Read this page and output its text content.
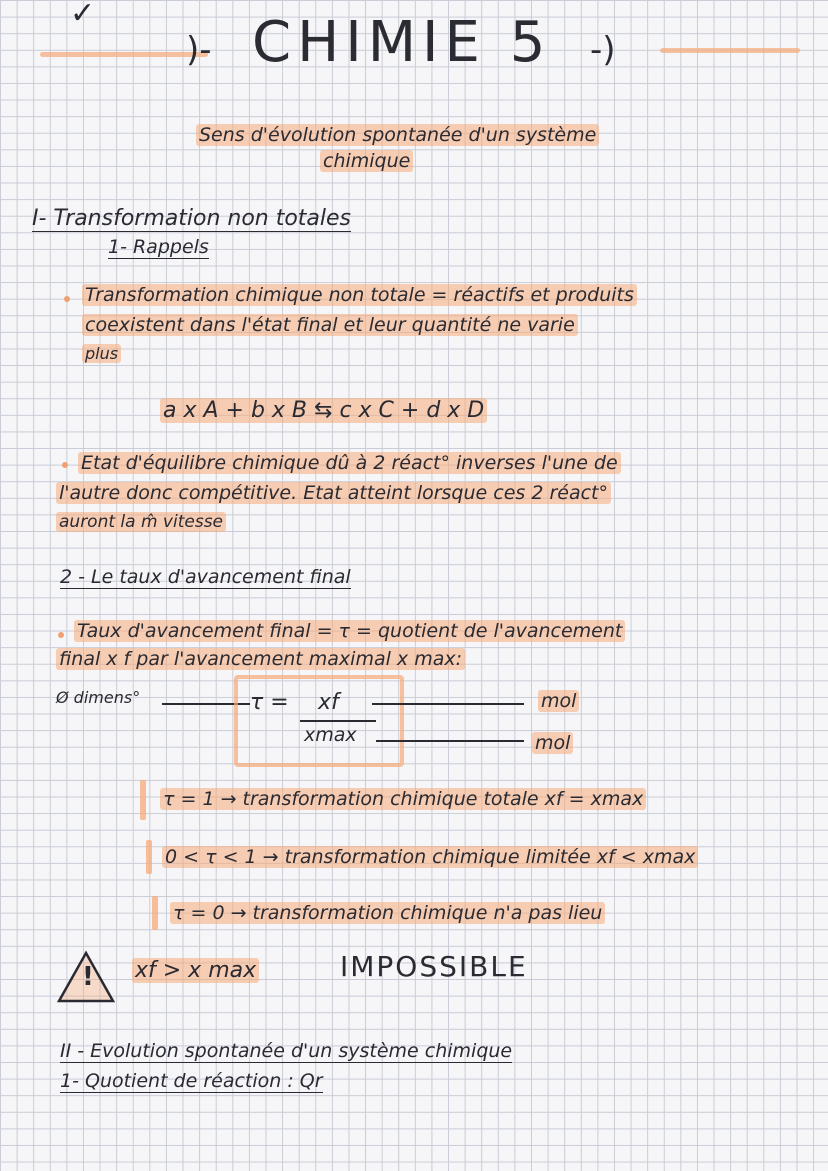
✓
)- CHIMIE 5 -)
Sens d'évolution spontanée d'un système
chimique
I- Transformation non totales
1- Rappels
Transformation chimique non totale = réactifs et produits
coexistent dans l'état final et leur quantité ne varie
plus
a x A + b x B ⇆ c x C + d x D
Etat d'équilibre chimique dû à 2 réact° inverses l'une de
l'autre donc compétitive. Etat atteint lorsque ces 2 réact°
auront la m̂ vitesse
2 - Le taux d'avancement final
Taux d'avancement final = τ = quotient de l'avancement
final x f par l'avancement maximal x max:
Ø dimens°	τ = xf
xmax
mol
mol
τ = 1 → transformation chimique totale xf = xmax
0 < τ < 1 → transformation chimique limitée xf < xmax
τ = 0 → transformation chimique n'a pas lieu
! xf > x max	IMPOSSIBLE
II - Evolution spontanée d'un système chimique
1- Quotient de réaction : Qr
